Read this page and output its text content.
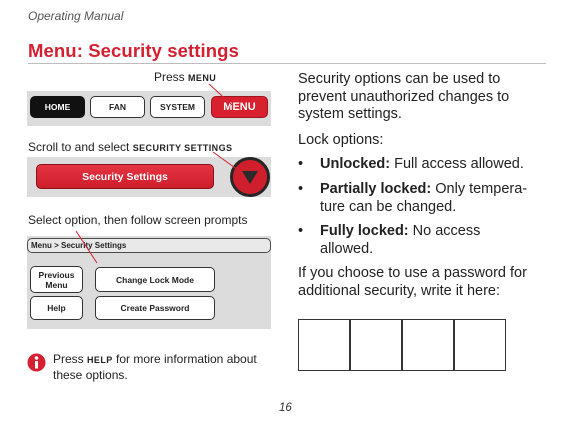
Operating Manual
Menu: Security settings
Press MENU
HOME	FAN	SYSTEM	MENU
Scroll to and select SECURITY SETTINGS
Security Settings
Select option, then follow screen prompts
Menu > Security Settings
Previous
Menu	Change Lock Mode
Help	Create Password
Press HELP for more information about
these options.
Security options can be used to
prevent unauthorized changes to
system settings.
Lock options:
• Unlocked: Full access allowed.
• Partially locked: Only tempera-
ture can be changed.
• Fully locked: No access
allowed.
If you choose to use a password for
additional security, write it here:
16
